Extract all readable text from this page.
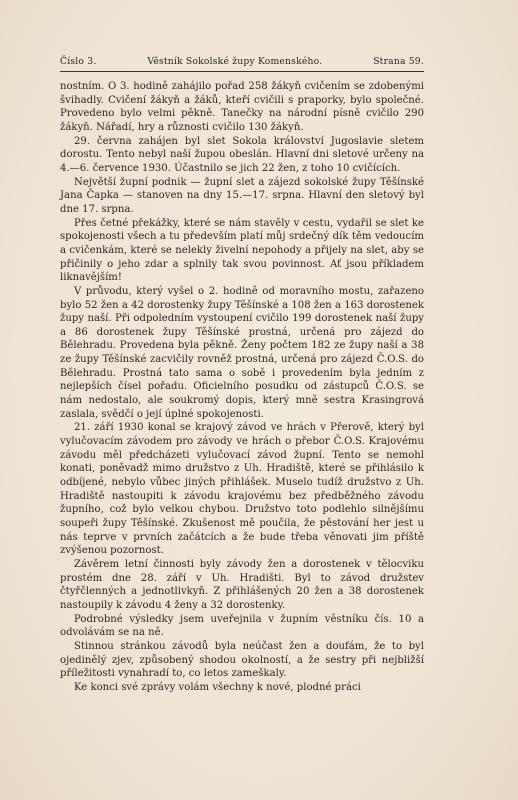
Číslo 3.	Věstník Sokolské župy Komenského.	Strana 59.

nostním. O 3. hodině zahájilo pořad 258 žákyň cvičením se zdobenými švihadly. Cvičení žákyň a žáků, kteří cvičili s praporky, bylo společné. Provedeno bylo velmi pěkně. Tanečky na národní písně cvičilo 290 žákyň. Nářadí, hry a různosti cvičilo 130 žákyň.

29. června zahájen byl slet Sokola království Jugoslavie sletem dorostu. Tento nebyl naší župou obeslán. Hlavní dni sletové určeny na 4.—6. července 1930. Účastnilo se jich 22 žen, z toho 10 cvičících.

Největší župní podnik — župní slet a zájezd sokolské župy Těšínské Jana Čapka — stanoven na dny 15.—17. srpna. Hlavní den sletový byl dne 17. srpna.

Přes četné překážky, které se nám stavěly v cestu, vydařil se slet ke spokojenosti všech a tu především platí můj srdečný dík těm vedoucím a cvičenkám, které se nelekly živelní nepohody a přijely na slet, aby se přičinily o jeho zdar a splnily tak svou povinnost. Ať jsou příkladem liknavějším!

V průvodu, který vyšel o 2. hodině od moravního mostu, zařazeno bylo 52 žen a 42 dorostenky župy Těšínské a 108 žen a 163 dorostenek župy naší. Při odpoledním vystoupení cvičilo 199 dorostenek naší župy a 86 dorostenek župy Těšínské prostná, určená pro zájezd do Bělehradu. Provedena byla pěkně. Ženy počtem 182 ze župy naší a 38 ze župy Těšínské zacvičily rovněž prostná, určená pro zájezd Č.O.S. do Bělehradu. Prostná tato sama o sobě i provedením byla jedním z nejlepších čísel pořadu. Oficielního posudku od zástupců Č.O.S. se nám nedostalo, ale soukromý dopis, který mně sestra Krasingrová zaslala, svědčí o její úplné spokojenosti.

21. září 1930 konal se krajový závod ve hrách v Přerově, který byl vylučovacím závodem pro závody ve hrách o přebor Č.O.S. Krajovému závodu měl předcházeti vylučovací závod župní. Tento se nemohl konati, poněvadž mimo družstvo z Uh. Hradiště, které se přihlásilo k odbíjené, nebylo vůbec jiných přihlášek. Muselo tudíž družstvo z Uh. Hradiště nastoupiti k závodu krajovému bez předběžného závodu župního, což bylo velkou chybou. Družstvo toto podlehlo silnějšímu soupeři župy Těšínské. Zkušenost mě poučila, že pěstování her jest u nás teprve v prvních začátcích a že bude třeba věnovati jim příště zvýšenou pozornost.

Závěrem letní činnosti byly závody žen a dorostenek v tělocviku prostém dne 28. září v Uh. Hradišti. Byl to závod družstev čtyřčlenných a jednotlivkyň. Z přihlášených 20 žen a 38 dorostenek nastoupily k závodu 4 ženy a 32 dorostenky.

Podrobné výsledky jsem uveřejnila v župním věstníku čís. 10 a odvolávám se na ně.

Stinnou stránkou závodů byla neúčast žen a doufám, že to byl ojedinělý zjev, způsobený shodou okolností, a že sestry při nejbližší příležitosti vynahradí to, co letos zameškaly.

Ke konci své zprávy volám všechny k nové, plodné práci
